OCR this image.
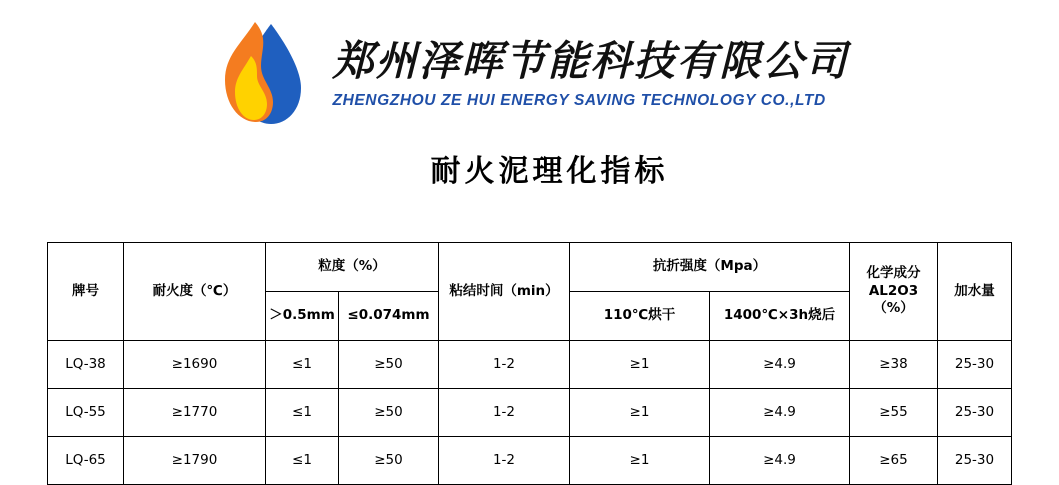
郑州泽晖节能科技有限公司
ZHENGZHOU ZE HUI ENERGY SAVING TECHNOLOGY CO.,LTD
耐火泥理化指标
牌号	耐火度（℃）	粒度（%）		粘结时间（min）	抗折强度（Mpa）		化学成分AL2O3（%）	加水量
		＞0.5mm	≤0.074mm		110℃烘干	1400℃×3h烧后		
LQ-38	≥1690	≤1	≥50	1-2	≥1	≥4.9	≥38	25-30
LQ-55	≥1770	≤1	≥50	1-2	≥1	≥4.9	≥55	25-30
LQ-65	≥1790	≤1	≥50	1-2	≥1	≥4.9	≥65	25-30
